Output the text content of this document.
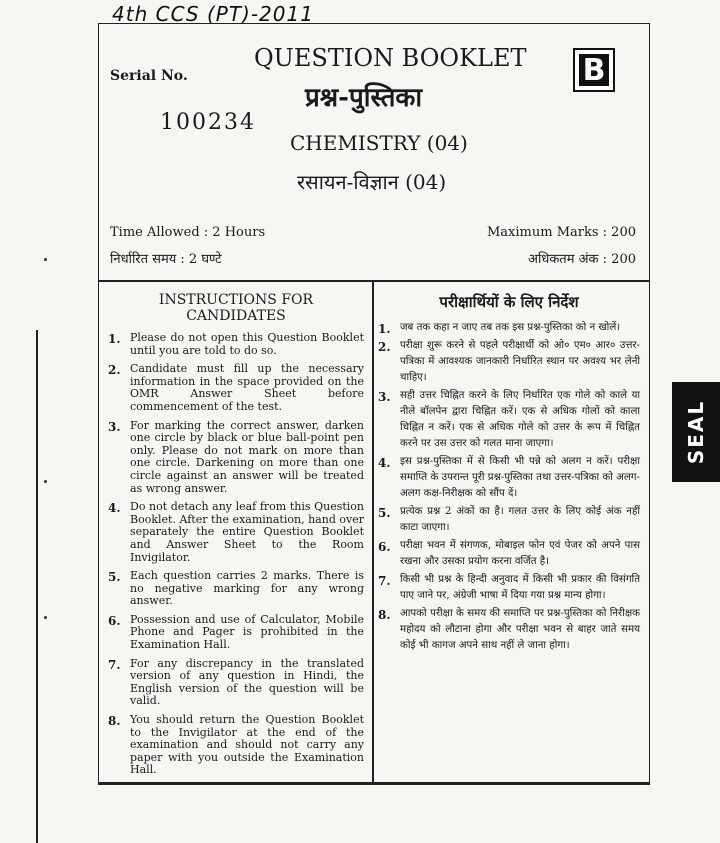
4th CCS (PT)-2011
Serial No.
100234
QUESTION BOOKLET
प्रश्न-पुस्तिका
B
CHEMISTRY (04)
रसायन-विज्ञान (04)
Time Allowed : 2 Hours
निर्धारित समय : 2 घण्टे
Maximum Marks : 200
अधिकतम अंक : 200
INSTRUCTIONS FOR CANDIDATES
1. Please do not open this Question Booklet until you are told to do so.
2. Candidate must fill up the necessary information in the space provided on the OMR Answer Sheet before commencement of the test.
3. For marking the correct answer, darken one circle by black or blue ball-point pen only. Please do not mark on more than one circle. Darkening on more than one circle against an answer will be treated as wrong answer.
4. Do not detach any leaf from this Question Booklet. After the examination, hand over separately the entire Question Booklet and Answer Sheet to the Room Invigilator.
5. Each question carries 2 marks. There is no negative marking for any wrong answer.
6. Possession and use of Calculator, Mobile Phone and Pager is prohibited in the Examination Hall.
7. For any discrepancy in the translated version of any question in Hindi, the English version of the question will be valid.
8. You should return the Question Booklet to the Invigilator at the end of the examination and should not carry any paper with you outside the Examination Hall.
परीक्षार्थियों के लिए निर्देश
1. जब तक कहा न जाए तब तक इस प्रश्न-पुस्तिका को न खोलें।
2. परीक्षा शुरू करने से पहले परीक्षार्थी को ओ० एम० आर० उत्तर-पत्रिका में आवश्यक जानकारी निर्धारित स्थान पर अवश्य भर लेनी चाहिए।
3. सही उत्तर चिह्नित करने के लिए निर्धारित एक गोले को काले या नीले बॉलपेन द्वारा चिह्नित करें। एक से अधिक गोलों को काला चिह्नित न करें। एक से अधिक गोले को उत्तर के रूप में चिह्नित करने पर उस उत्तर को गलत माना जाएगा।
4. इस प्रश्न-पुस्तिका में से किसी भी पन्ने को अलग न करें। परीक्षा समाप्ति के उपरान्त पूरी प्रश्न-पुस्तिका तथा उत्तर-पत्रिका को अलग-अलग कक्ष-निरीक्षक को सौंप दें।
5. प्रत्येक प्रश्न 2 अंकों का है। गलत उत्तर के लिए कोई अंक नहीं काटा जाएगा।
6. परीक्षा भवन में संगणक, मोबाइल फोन एवं पेजर को अपने पास रखना और उसका प्रयोग करना वर्जित है।
7. किसी भी प्रश्न के हिन्दी अनुवाद में किसी भी प्रकार की विसंगति पाए जाने पर, अंग्रेजी भाषा में दिया गया प्रश्न मान्य होगा।
8. आपको परीक्षा के समय की समाप्ति पर प्रश्न-पुस्तिका को निरीक्षक महोदय को लौटाना होगा और परीक्षा भवन से बाहर जाते समय कोई भी कागज अपने साथ नहीं ले जाना होगा।
SEAL
